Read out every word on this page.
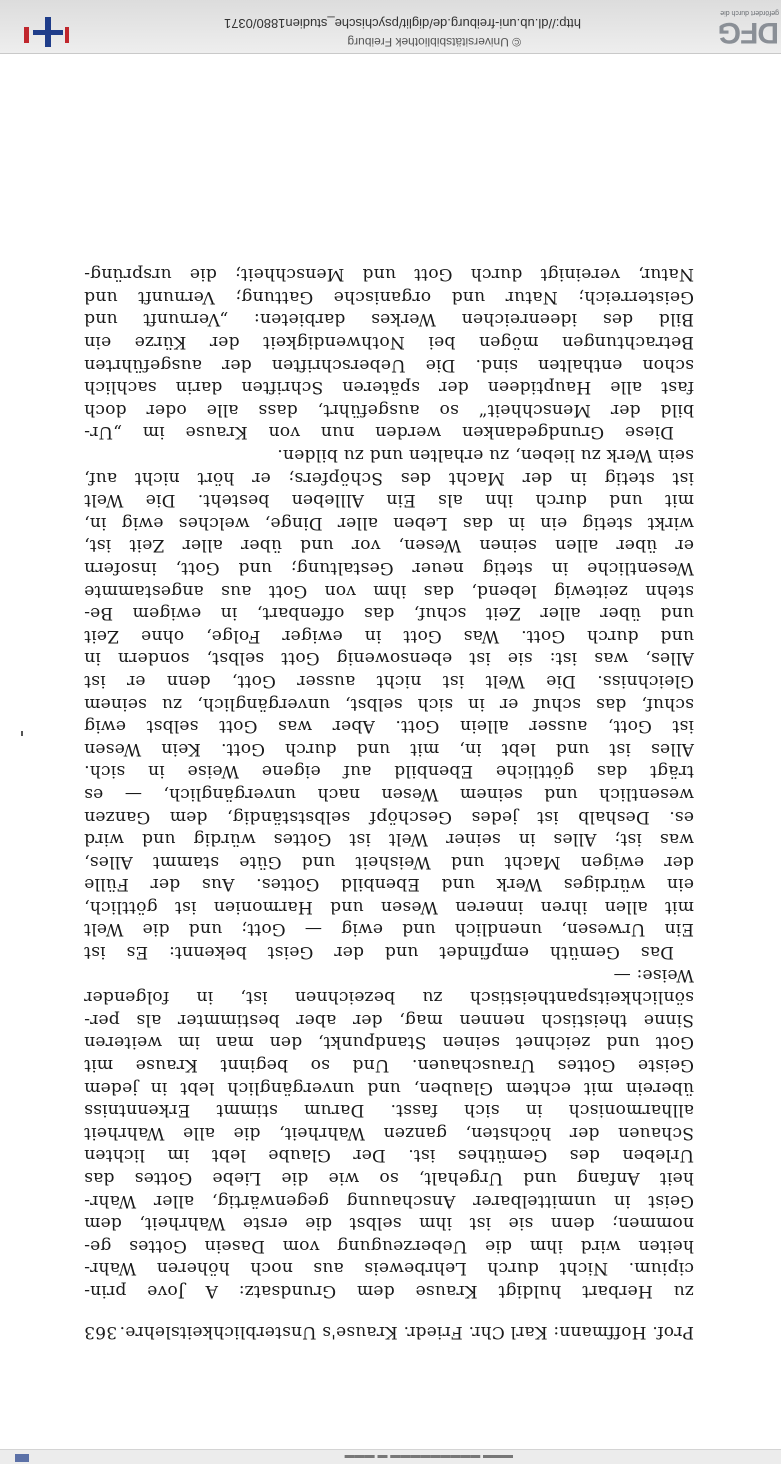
▬▬▬ ▬▬▬▬▬▬▬▬▬ ▬ ▬▬▬
Prof. Hoffmann: Karl Chr. Friedr. Krause's Unsterblichkeitslehre.
363
zu Herbart huldigt Krause dem Grundsatz: A Jove prin-
cipium. Nicht durch Lehrbeweis aus noch höheren Wahr-
heiten wird ihm die Ueberzeugung vom Dasein Gottes ge-
nommen; denn sie ist ihm selbst die erste Wahrheit, dem
Geist in unmittelbarer Anschauung gegenwärtig, aller Wahr-
heit Anfang und Urgehalt, so wie die Liebe Gottes das
Urleben des Gemüthes ist. Der Glaube lebt im lichten
Schauen der höchsten, ganzen Wahrheit, die alle Wahrheit
allharmonisch in sich fasst. Darum stimmt Erkenntniss
überein mit echtem Glauben, und unvergänglich lebt in jedem
Geiste Gottes Urauschauen. Und so beginnt Krause mit
Gott und zeichnet seinen Standpunkt, den man im weiteren
Sinne theistisch nennen mag, der aber bestimmter als per-
sönlichkeitspantheistisch zu bezeichnen ist, in folgender
Weise: —
Das Gemüth empfindet und der Geist bekennt: Es ist
Ein Urwesen, unendlich und ewig — Gott; und die Welt
mit allen ihren inneren Wesen und Harmonien ist göttlich,
ein würdiges Werk und Ebenbild Gottes. Aus der Fülle
der ewigen Macht und Weisheit und Güte stammt Alles,
was ist; Alles in seiner Welt ist Gottes würdig und wird
es. Deshalb ist jedes Geschöpf selbstständig, dem Ganzen
wesentlich und seinem Wesen nach unvergänglich, — es
trägt das göttliche Ebenbild auf eigene Weise in sich.
Alles ist und lebt in, mit und durch Gott. Kein Wesen
ist Gott, ausser allein Gott. Aber was Gott selbst ewig
schuf, das schuf er in sich selbst, unvergänglich, zu seinem
Gleichniss. Die Welt ist nicht ausser Gott, denn er ist
Alles, was ist: sie ist ebensowenig Gott selbst, sondern in
und durch Gott. Was Gott in ewiger Folge, ohne Zeit
und über aller Zeit schuf, das offenbart, in ewigem Be-
stehn zeitewig lebend, das ihm von Gott aus angestammte
Wesentliche in stetig neuer Gestaltung; und Gott, insofern
er über allen seinen Wesen, vor und über aller Zeit ist,
wirkt stetig ein in das Leben aller Dinge, welches ewig in,
mit und durch ihn als Ein Allleben besteht. Die Welt
ist stetig in der Macht des Schöpfers; er hört nicht auf,
sein Werk zu lieben, zu erhalten und zu bilden.
Diese Grundgedanken werden nun von Krause im „Ur-
bild der Menschheit“ so ausgeführt, dass alle oder doch
fast alle Hauptideen der späteren Schriften darin sachlich
schon enthalten sind. Die Ueberschriften der ausgeführten
Betrachtungen mögen bei Nothwendigkeit der Kürze ein
Bild des ideenreichen Werkes darbieten: „Vernunft und
Geisterreich; Natur und organische Gattung; Vernunft und
Natur, vereinigt durch Gott und Menschheit; die ursprüng-
© Universitätsbibliothek Freiburg
http://dl.ub.uni-freiburg.de/diglit/psychische_studien1880/0371	DFG
gefördert durch die
